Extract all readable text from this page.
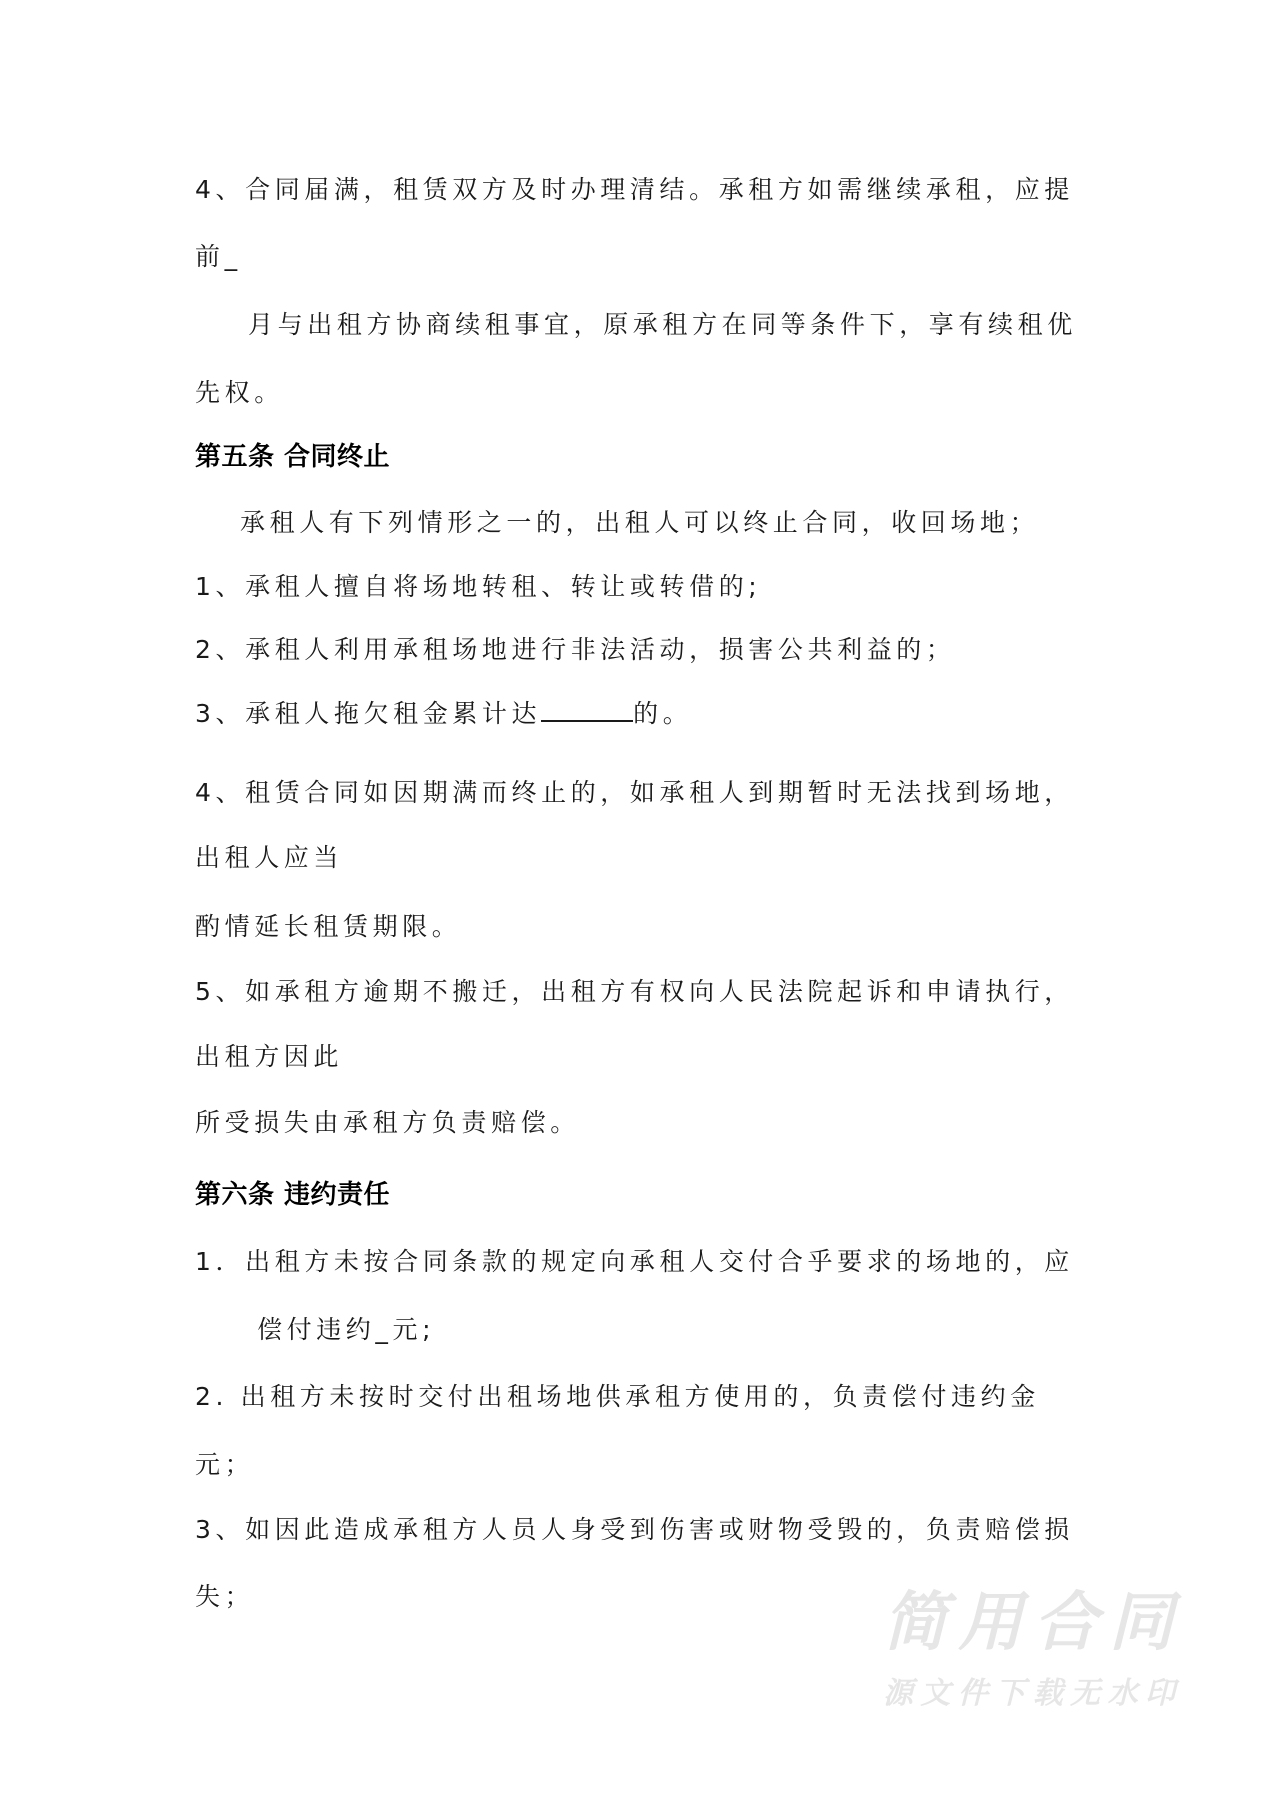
4、合同届满，租赁双方及时办理清结。承租方如需继续承租，应提
前_
月与出租方协商续租事宜，原承租方在同等条件下，享有续租优
先权。
第五条 合同终止
承租人有下列情形之一的，出租人可以终止合同，收回场地；
1、承租人擅自将场地转租、转让或转借的;
2、承租人利用承租场地进行非法活动，损害公共利益的；
3、承租人拖欠租金累计达	的。
4、租赁合同如因期满而终止的，如承租人到期暂时无法找到场地，
出租人应当
酌情延长租赁期限。
5、如承租方逾期不搬迁，出租方有权向人民法院起诉和申请执行，
出租方因此
所受损失由承租方负责赔偿。
第六条 违约责任
1．出租方未按合同条款的规定向承租人交付合乎要求的场地的，应
偿付违约_元;
2. 出租方未按时交付出租场地供承租方使用的，负责偿付违约金
元；
3、如因此造成承租方人员人身受到伤害或财物受毁的，负责赔偿损
失；	简用合同
源文件下载无水印
